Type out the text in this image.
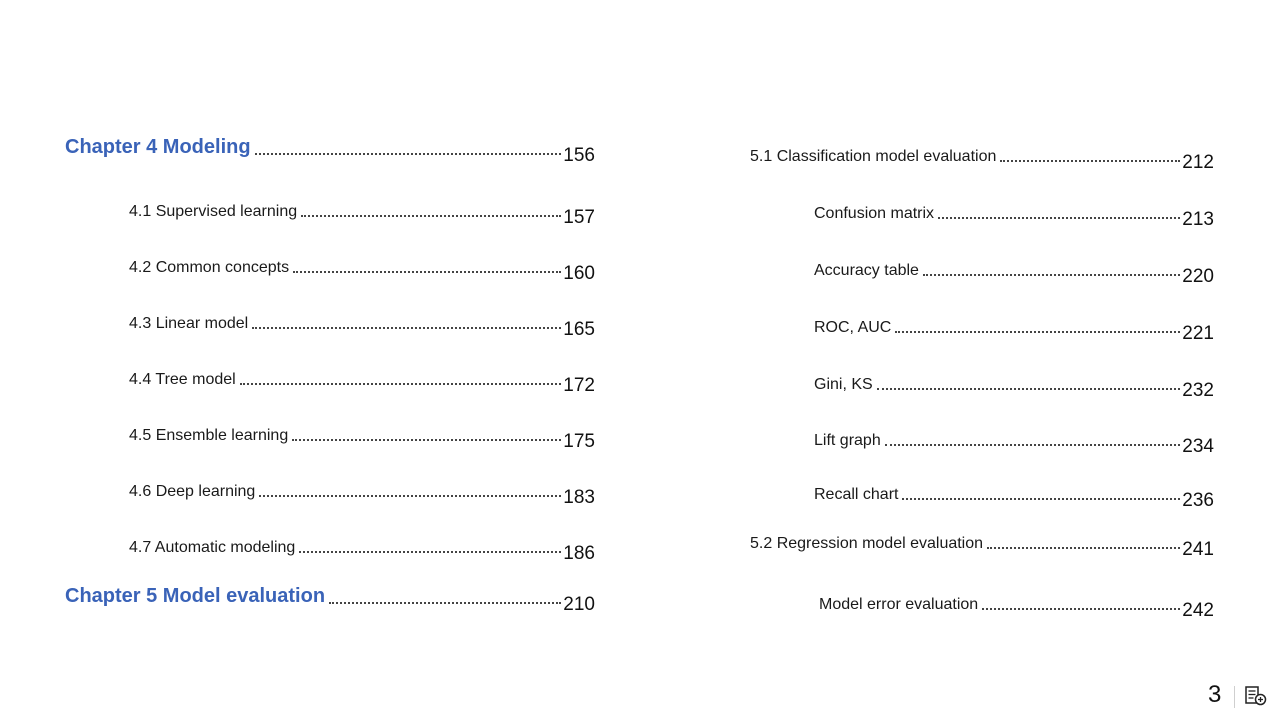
Chapter 4 Modeling	156
4.1 Supervised learning	157
4.2 Common concepts	160
4.3 Linear model	165
4.4 Tree model	172
4.5 Ensemble learning	175
4.6 Deep learning	183
4.7 Automatic modeling	186
Chapter 5 Model evaluation	210
5.1 Classification model evaluation	212
Confusion matrix	213
Accuracy table	220
ROC, AUC	221
Gini, KS	232
Lift graph	234
Recall chart	236
5.2 Regression model evaluation	241
Model error evaluation	242
3
